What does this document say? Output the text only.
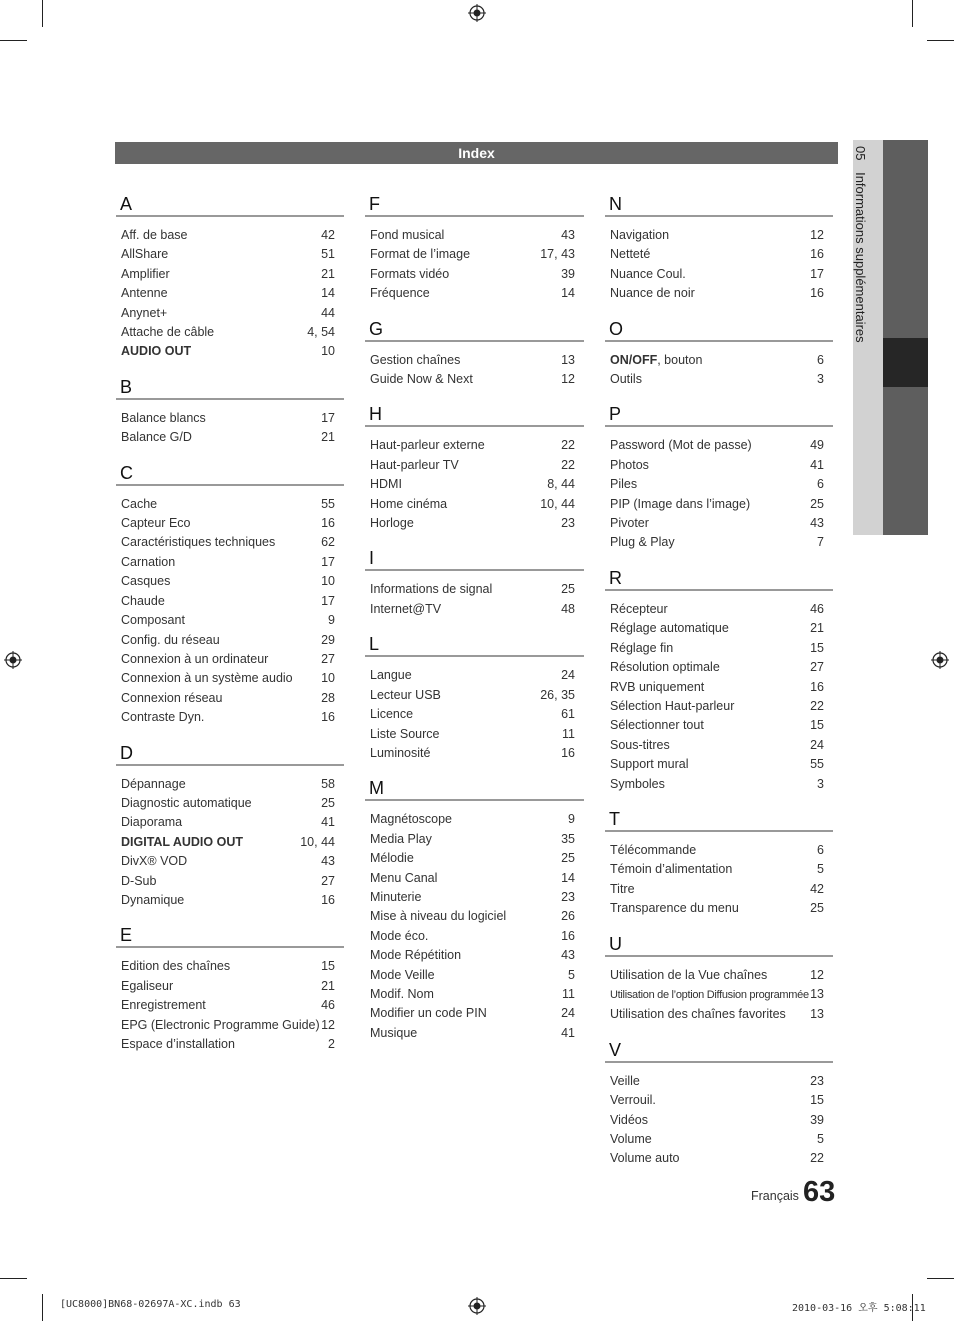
Index	05 Informations supplémentaires
A
Aff. de base	42
AllShare	51
Amplifier	21
Antenne	14
Anynet+	44
Attache de câble	4, 54
AUDIO OUT	10
B
Balance blancs	17
Balance G/D	21
C
Cache	55
Capteur Eco	16
Caractéristiques techniques	62
Carnation	17
Casques	10
Chaude	17
Composant	9
Config. du réseau	29
Connexion à un ordinateur	27
Connexion à un système audio 10
Connexion réseau	28
Contraste Dyn.	16
D
Dépannage	58
Diagnostic automatique	25
Diaporama	41
DIGITAL AUDIO OUT	10, 44
DivX® VOD	43
D-Sub	27
Dynamique	16
E
Edition des chaînes	15
Egaliseur	21
Enregistrement	46
EPG (Electronic Programme Guide) 12
Espace d’installation	2
F
Fond musical	43
Format de l’image	17, 43
Formats vidéo	39
Fréquence	14
G
Gestion chaînes	13
Guide Now & Next	12
H
Haut-parleur externe	22
Haut-parleur TV	22
HDMI	8, 44
Home cinéma	10, 44
Horloge	23
I
Informations de signal	25
Internet@TV	48
L
Langue	24
Lecteur USB	26, 35
Licence	61
Liste Source	11
Luminosité	16
M
Magnétoscope	9
Media Play	35
Mélodie	25
Menu Canal	14
Minuterie	23
Mise à niveau du logiciel	26
Mode éco.	16
Mode Répétition	43
Mode Veille	5
Modif. Nom	11
Modifier un code PIN	24
Musique	41
N
Navigation	12
Netteté	16
Nuance Coul.	17
Nuance de noir	16
O
ON/OFF, bouton	6
Outils	3
P
Password (Mot de passe)	49
Photos	41
Piles	6
PIP (Image dans l’image)	25
Pivoter	43
Plug & Play	7
R
Récepteur	46
Réglage automatique	21
Réglage fin	15
Résolution optimale	27
RVB uniquement	16
Sélection Haut-parleur	22
Sélectionner tout	15
Sous-titres	24
Support mural	55
Symboles	3
T
Télécommande	6
Témoin d’alimentation	5
Titre	42
Transparence du menu	25
U
Utilisation de la Vue chaînes	12
Utilisation de l’option Diffusion programmée 13
Utilisation des chaînes favorites 13
V
Veille	23
Verrouil.	15
Vidéos	39
Volume	5
Volume auto	22
Français 63
[UC8000]BN68-02697A-XC.indb 63	2010-03-16 오후 5:08:11
